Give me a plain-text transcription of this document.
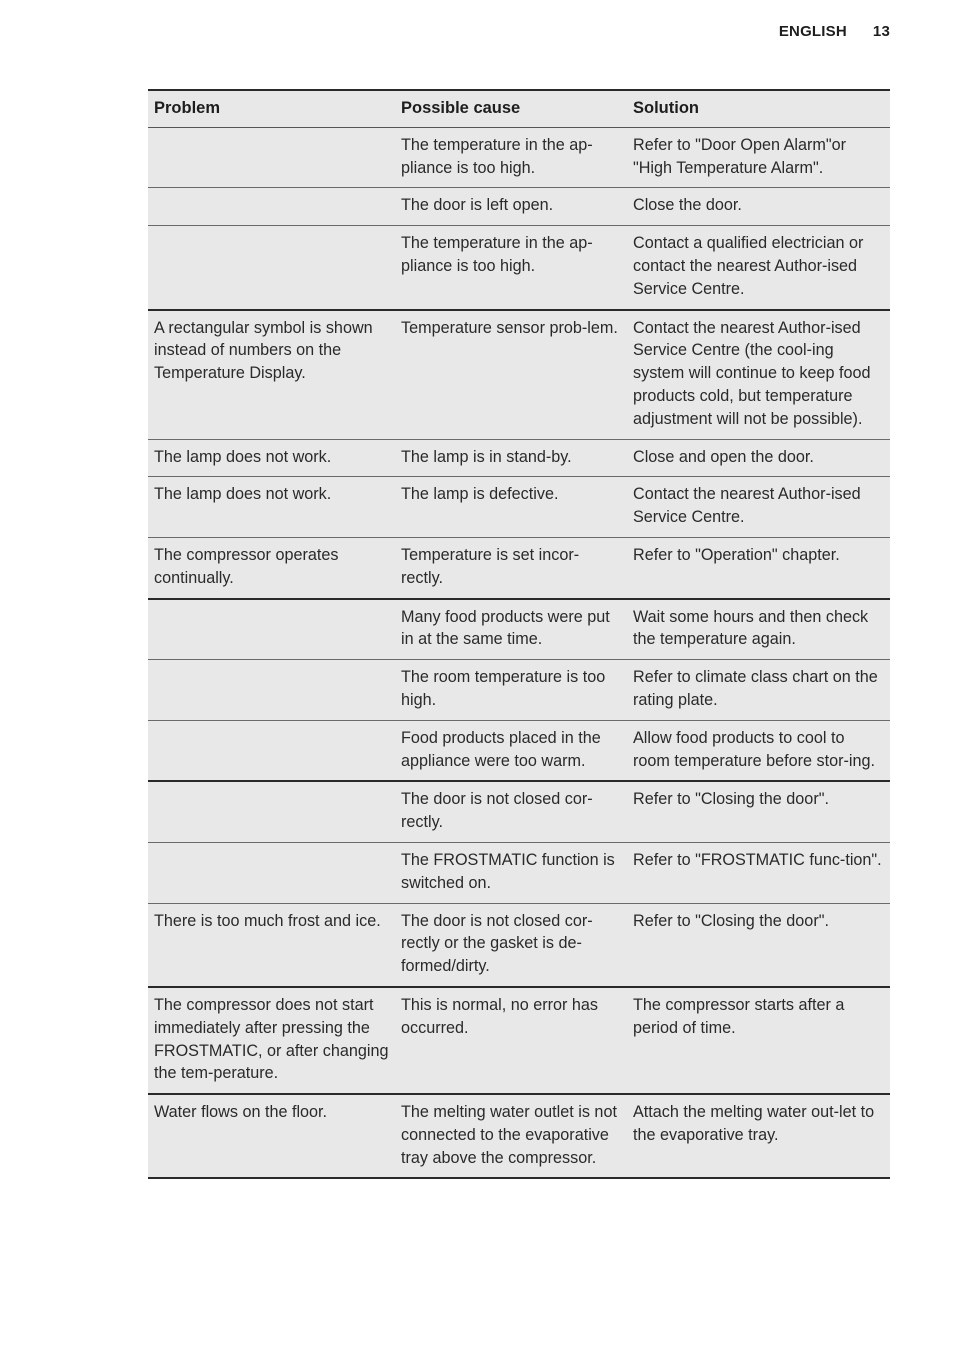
ENGLISH 13
Problem	Possible cause	Solution
	The temperature in the ap-pliance is too high.	Refer to "Door Open Alarm"or "High Temperature Alarm".
	The door is left open.	Close the door.
	The temperature in the ap-pliance is too high.	Contact a qualified electrician or contact the nearest Author-ised Service Centre.
A rectangular symbol is shown instead of numbers on the Temperature Display.	Temperature sensor prob-lem.	Contact the nearest Author-ised Service Centre (the cool-ing system will continue to keep food products cold, but temperature adjustment will not be possible).
The lamp does not work.	The lamp is in stand-by.	Close and open the door.
The lamp does not work.	The lamp is defective.	Contact the nearest Author-ised Service Centre.
The compressor operates continually.	Temperature is set incor-rectly.	Refer to "Operation" chapter.
	Many food products were put in at the same time.	Wait some hours and then check the temperature again.
	The room temperature is too high.	Refer to climate class chart on the rating plate.
	Food products placed in the appliance were too warm.	Allow food products to cool to room temperature before stor-ing.
	The door is not closed cor-rectly.	Refer to "Closing the door".
	The FROSTMATIC function is switched on.	Refer to "FROSTMATIC func-tion".
There is too much frost and ice.	The door is not closed cor-rectly or the gasket is de-formed/dirty.	Refer to "Closing the door".
The compressor does not start immediately after pressing the FROSTMATIC, or after changing the tem-perature.	This is normal, no error has occurred.	The compressor starts after a period of time.
Water flows on the floor.	The melting water outlet is not connected to the evaporative tray above the compressor.	Attach the melting water out-let to the evaporative tray.
